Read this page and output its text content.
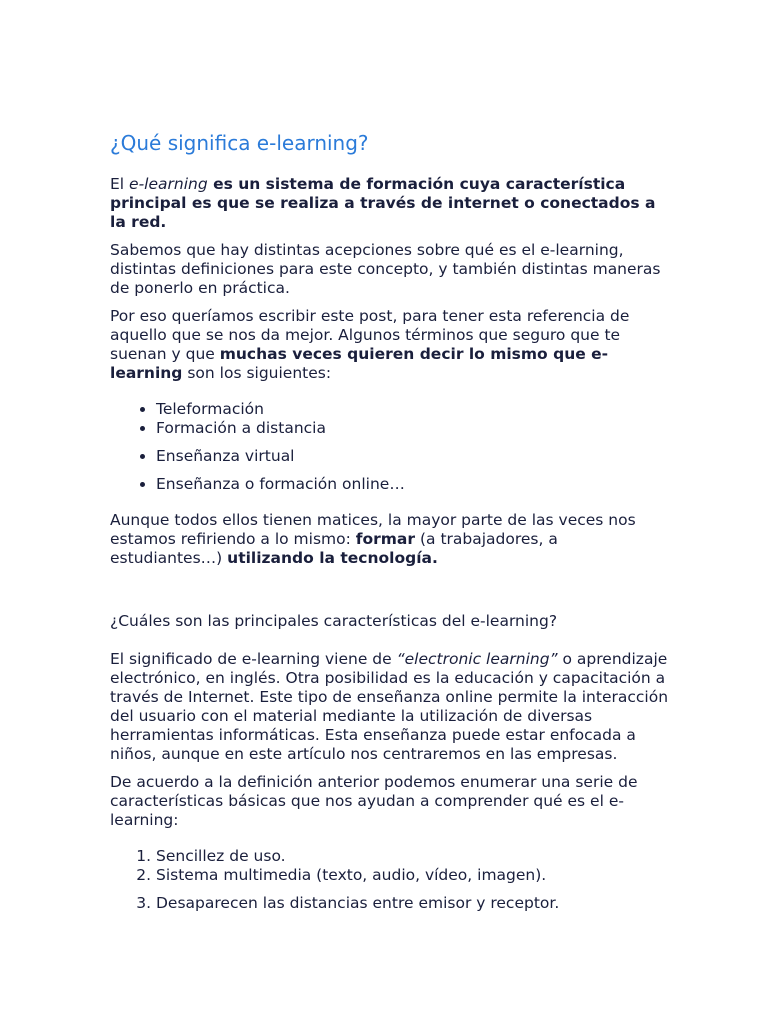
¿Qué significa e-learning?

El e-learning es un sistema de formación cuya característica principal es que se realiza a través de internet o conectados a la red.

Sabemos que hay distintas acepciones sobre qué es el e-learning, distintas definiciones para este concepto, y también distintas maneras de ponerlo en práctica.

Por eso queríamos escribir este post, para tener esta referencia de aquello que se nos da mejor. Algunos términos que seguro que te suenan y que muchas veces quieren decir lo mismo que e-learning son los siguientes:

• Teleformación
• Formación a distancia
• Enseñanza virtual
• Enseñanza o formación online…

Aunque todos ellos tienen matices, la mayor parte de las veces nos estamos refiriendo a lo mismo: formar (a trabajadores, a estudiantes…) utilizando la tecnología.

¿Cuáles son las principales características del e-learning?

El significado de e-learning viene de “electronic learning” o aprendizaje electrónico, en inglés. Otra posibilidad es la educación y capacitación a través de Internet. Este tipo de enseñanza online permite la interacción del usuario con el material mediante la utilización de diversas herramientas informáticas. Esta enseñanza puede estar enfocada a niños, aunque en este artículo nos centraremos en las empresas.

De acuerdo a la definición anterior podemos enumerar una serie de características básicas que nos ayudan a comprender qué es el e-learning:

1. Sencillez de uso.
2. Sistema multimedia (texto, audio, vídeo, imagen).
3. Desaparecen las distancias entre emisor y receptor.
